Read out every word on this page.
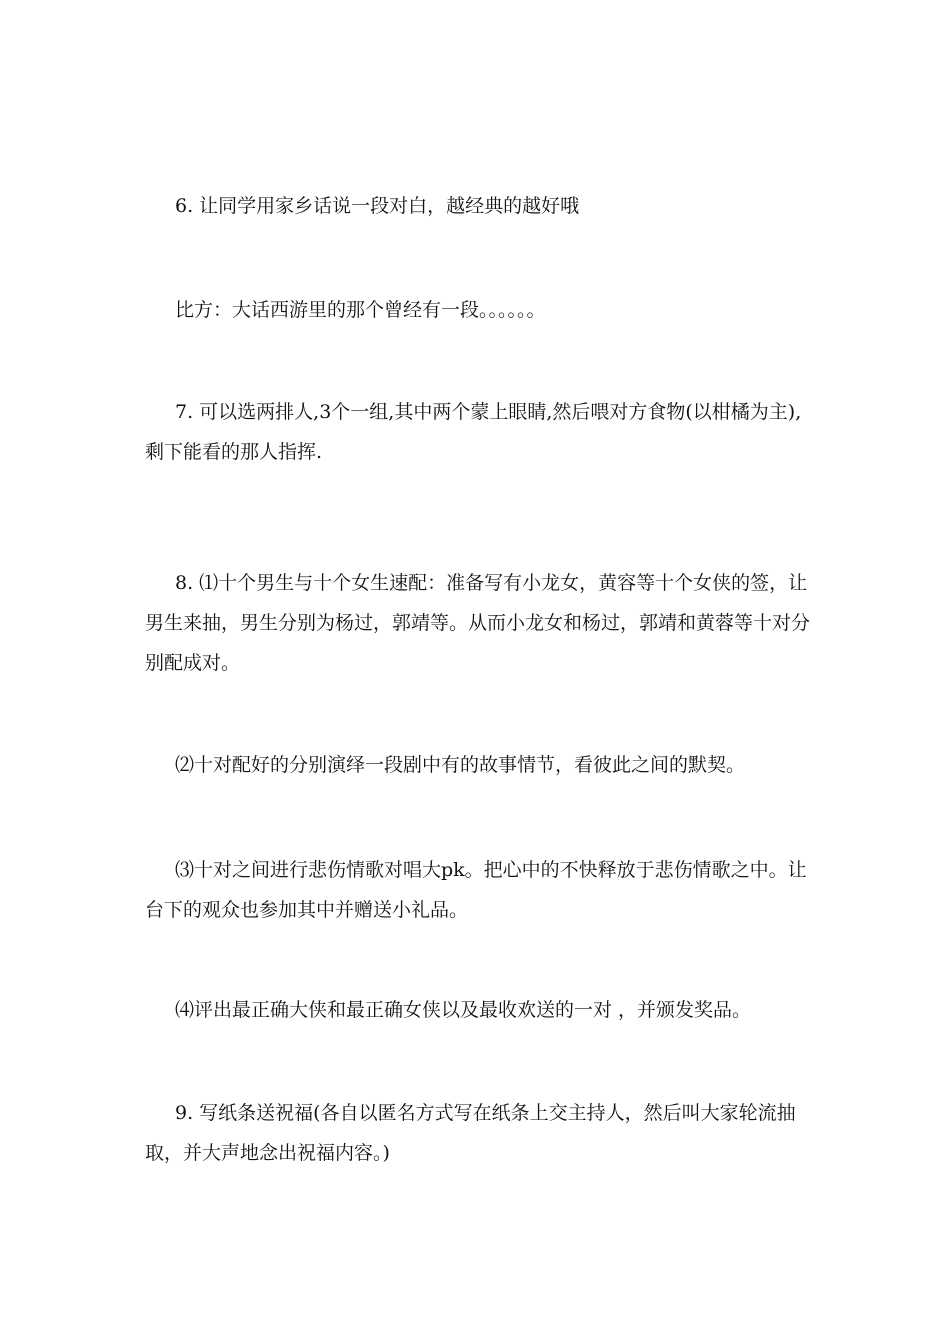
6. 让同学用家乡话说一段对白，越经典的越好哦

比方：大话西游里的那个曾经有一段。。。。。。

7. 可以选两排人,3个一组,其中两个蒙上眼睛,然后喂对方食物(以柑橘为主),剩下能看的那人指挥.

8. ⑴十个男生与十个女生速配：准备写有小龙女，黄容等十个女侠的签，让男生来抽，男生分别为杨过，郭靖等。从而小龙女和杨过，郭靖和黄蓉等十对分别配成对。

⑵十对配好的分别演绎一段剧中有的故事情节，看彼此之间的默契。

⑶十对之间进行悲伤情歌对唱大pk。把心中的不快释放于悲伤情歌之中。让台下的观众也参加其中并赠送小礼品。

⑷评出最正确大侠和最正确女侠以及最收欢送的一对 ，并颁发奖品。

9. 写纸条送祝福(各自以匿名方式写在纸条上交主持人，然后叫大家轮流抽取，并大声地念出祝福内容。)
